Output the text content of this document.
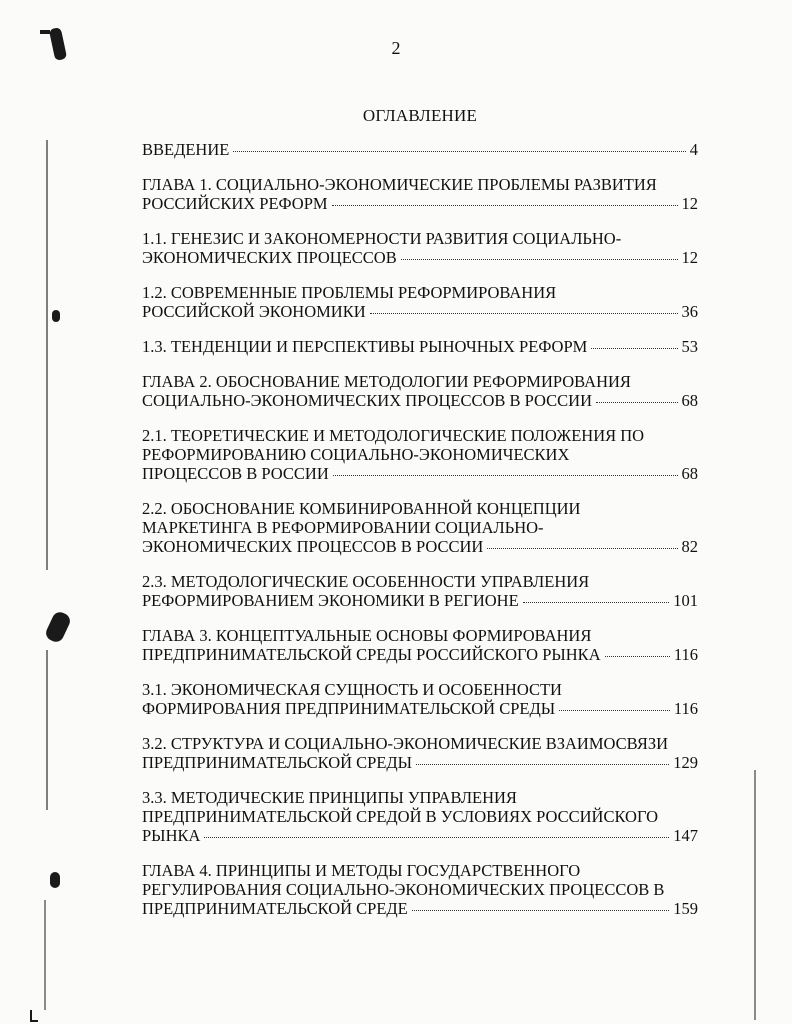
2
ОГЛАВЛЕНИЕ
ВВЕДЕНИЕ	4
ГЛАВА 1. СОЦИАЛЬНО-ЭКОНОМИЧЕСКИЕ ПРОБЛЕМЫ РАЗВИТИЯ
РОССИЙСКИХ РЕФОРМ	12
1.1. ГЕНЕЗИС И ЗАКОНОМЕРНОСТИ РАЗВИТИЯ СОЦИАЛЬНО-
ЭКОНОМИЧЕСКИХ ПРОЦЕССОВ	12
1.2. СОВРЕМЕННЫЕ ПРОБЛЕМЫ РЕФОРМИРОВАНИЯ
РОССИЙСКОЙ ЭКОНОМИКИ	36
1.3. ТЕНДЕНЦИИ И ПЕРСПЕКТИВЫ РЫНОЧНЫХ РЕФОРМ	53
ГЛАВА 2. ОБОСНОВАНИЕ МЕТОДОЛОГИИ РЕФОРМИРОВАНИЯ
СОЦИАЛЬНО-ЭКОНОМИЧЕСКИХ ПРОЦЕССОВ В РОССИИ	68
2.1. ТЕОРЕТИЧЕСКИЕ И МЕТОДОЛОГИЧЕСКИЕ ПОЛОЖЕНИЯ ПО
РЕФОРМИРОВАНИЮ СОЦИАЛЬНО-ЭКОНОМИЧЕСКИХ
ПРОЦЕССОВ В РОССИИ	68
2.2. ОБОСНОВАНИЕ КОМБИНИРОВАННОЙ КОНЦЕПЦИИ
МАРКЕТИНГА В РЕФОРМИРОВАНИИ СОЦИАЛЬНО-
ЭКОНОМИЧЕСКИХ ПРОЦЕССОВ В РОССИИ	82
2.3. МЕТОДОЛОГИЧЕСКИЕ ОСОБЕННОСТИ УПРАВЛЕНИЯ
РЕФОРМИРОВАНИЕМ ЭКОНОМИКИ В РЕГИОНЕ	101
ГЛАВА 3. КОНЦЕПТУАЛЬНЫЕ ОСНОВЫ ФОРМИРОВАНИЯ
ПРЕДПРИНИМАТЕЛЬСКОЙ СРЕДЫ РОССИЙСКОГО РЫНКА	116
3.1. ЭКОНОМИЧЕСКАЯ СУЩНОСТЬ И ОСОБЕННОСТИ
ФОРМИРОВАНИЯ ПРЕДПРИНИМАТЕЛЬСКОЙ СРЕДЫ	116
3.2. СТРУКТУРА И СОЦИАЛЬНО-ЭКОНОМИЧЕСКИЕ ВЗАИМОСВЯЗИ
ПРЕДПРИНИМАТЕЛЬСКОЙ СРЕДЫ	129
3.3. МЕТОДИЧЕСКИЕ ПРИНЦИПЫ УПРАВЛЕНИЯ
ПРЕДПРИНИМАТЕЛЬСКОЙ СРЕДОЙ В УСЛОВИЯХ РОССИЙСКОГО
РЫНКА	147
ГЛАВА 4. ПРИНЦИПЫ И МЕТОДЫ ГОСУДАРСТВЕННОГО
РЕГУЛИРОВАНИЯ СОЦИАЛЬНО-ЭКОНОМИЧЕСКИХ ПРОЦЕССОВ В
ПРЕДПРИНИМАТЕЛЬСКОЙ СРЕДЕ	159
